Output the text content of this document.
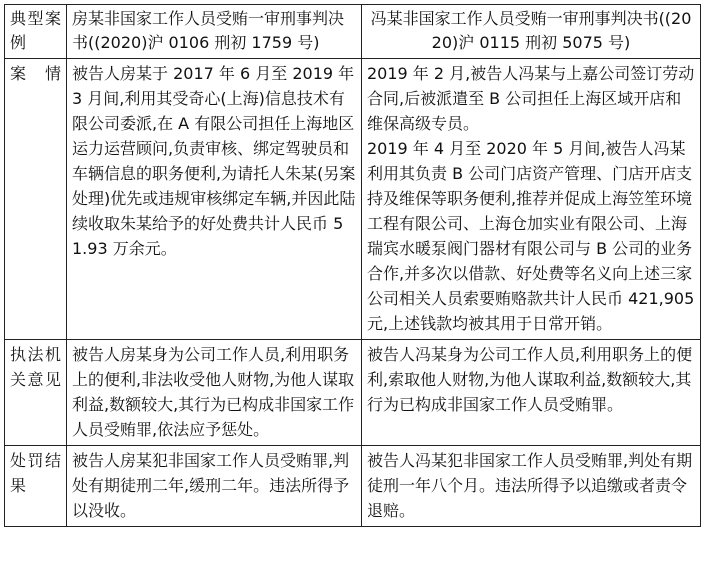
典型案例	房某非国家工作人员受贿一审刑事判决书((2020)沪 0106 刑初 1759 号)	冯某非国家工作人员受贿一审刑事判决书((2020)沪 0115 刑初 5075 号)
案情	被告人房某于 2017 年 6 月至 2019 年 3 月间,利用其受奇心(上海)信息技术有限公司委派,在 A 有限公司担任上海地区运力运营顾问,负责审核、绑定驾驶员和车辆信息的职务便利,为请托人朱某(另案处理)优先或违规审核绑定车辆,并因此陆续收取朱某给予的好处费共计人民币 51.93 万余元。	2019 年 2 月,被告人冯某与上嘉公司签订劳动合同,后被派遣至 B 公司担任上海区域开店和维保高级专员。
2019 年 4 月至 2020 年 5 月间,被告人冯某利用其负责 B 公司门店资产管理、门店开店支持及维保等职务便利,推荐并促成上海笠笙环境工程有限公司、上海仓加实业有限公司、上海瑞宾水暖泵阀门器材有限公司与 B 公司的业务合作,并多次以借款、好处费等名义向上述三家公司相关人员索要贿赂款共计人民币 421,905 元,上述钱款均被其用于日常开销。

执法机关意见	被告人房某身为公司工作人员,利用职务上的便利,非法收受他人财物,为他人谋取利益,数额较大,其行为已构成非国家工作人员受贿罪,依法应予惩处。	被告人冯某身为公司工作人员,利用职务上的便利,索取他人财物,为他人谋取利益,数额较大,其行为已构成非国家工作人员受贿罪。
处罚结果	被告人房某犯非国家工作人员受贿罪,判处有期徒刑二年,缓刑二年。违法所得予以没收。	被告人冯某犯非国家工作人员受贿罪,判处有期徒刑一年八个月。违法所得予以追缴或者责令退赔。
